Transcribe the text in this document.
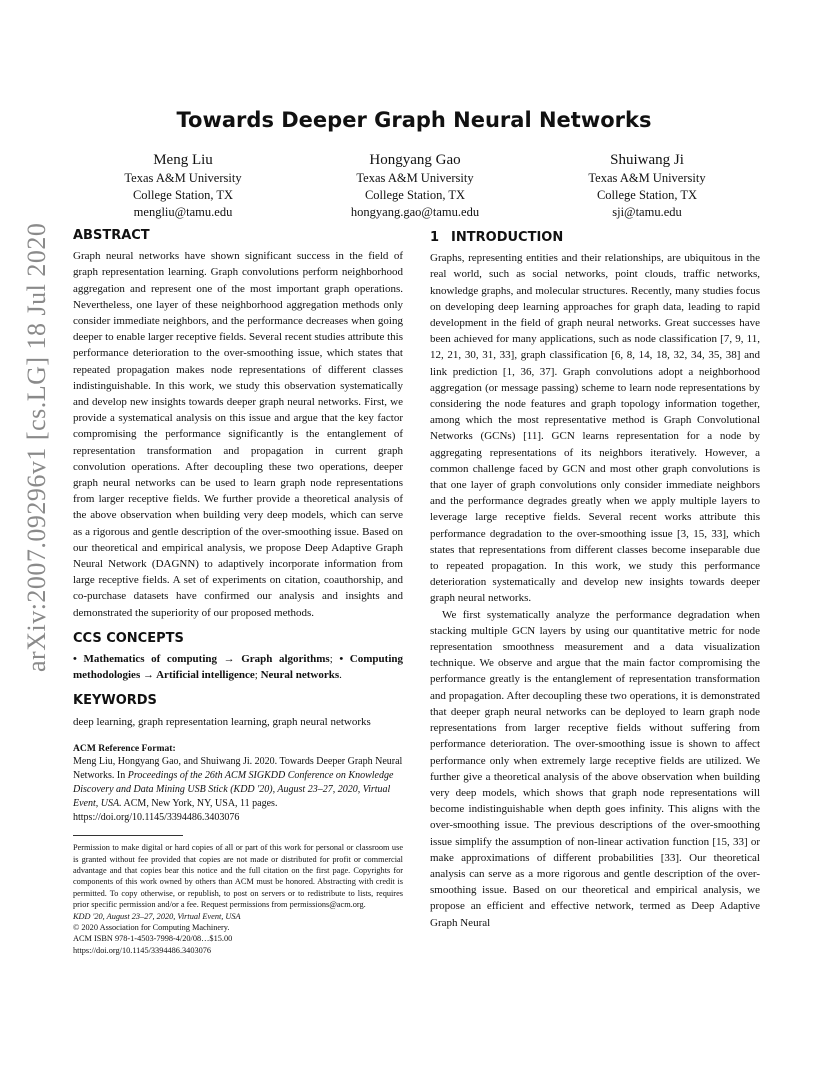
arXiv:2007.09296v1 [cs.LG] 18 Jul 2020
Towards Deeper Graph Neural Networks
Meng Liu
Texas A&M University
College Station, TX
mengliu@tamu.edu
Hongyang Gao
Texas A&M University
College Station, TX
hongyang.gao@tamu.edu
Shuiwang Ji
Texas A&M University
College Station, TX
sji@tamu.edu
ABSTRACT

Graph neural networks have shown significant success in the field of graph representation learning. Graph convolutions perform neighborhood aggregation and represent one of the most important graph operations. Nevertheless, one layer of these neighborhood aggregation methods only consider immediate neighbors, and the performance decreases when going deeper to enable larger receptive fields. Several recent studies attribute this performance deterioration to the over-smoothing issue, which states that repeated propagation makes node representations of different classes indistinguishable. In this work, we study this observation systematically and develop new insights towards deeper graph neural networks. First, we provide a systematical analysis on this issue and argue that the key factor compromising the performance significantly is the entanglement of representation transformation and propagation in current graph convolution operations. After decoupling these two operations, deeper graph neural networks can be used to learn graph node representations from larger receptive fields. We further provide a theoretical analysis of the above observation when building very deep models, which can serve as a rigorous and gentle description of the over-smoothing issue. Based on our theoretical and empirical analysis, we propose Deep Adaptive Graph Neural Network (DAGNN) to adaptively incorporate information from large receptive fields. A set of experiments on citation, coauthorship, and co-purchase datasets have confirmed our analysis and insights and demonstrated the superiority of our proposed methods.

CCS CONCEPTS

• Mathematics of computing → Graph algorithms; • Computing methodologies → Artificial intelligence; Neural networks.

KEYWORDS

deep learning, graph representation learning, graph neural networks

ACM Reference Format:
Meng Liu, Hongyang Gao, and Shuiwang Ji. 2020. Towards Deeper Graph Neural Networks. In Proceedings of the 26th ACM SIGKDD Conference on Knowledge Discovery and Data Mining USB Stick (KDD '20), August 23–27, 2020, Virtual Event, USA. ACM, New York, NY, USA, 11 pages. https://doi.org/10.1145/3394486.3403076
Permission to make digital or hard copies of all or part of this work for personal or classroom use is granted without fee provided that copies are not made or distributed for profit or commercial advantage and that copies bear this notice and the full citation on the first page. Copyrights for components of this work owned by others than ACM must be honored. Abstracting with credit is permitted. To copy otherwise, or republish, to post on servers or to redistribute to lists, requires prior specific permission and/or a fee. Request permissions from permissions@acm.org.
KDD '20, August 23–27, 2020, Virtual Event, USA
© 2020 Association for Computing Machinery.
ACM ISBN 978-1-4503-7998-4/20/08…$15.00
https://doi.org/10.1145/3394486.3403076
1 INTRODUCTION

Graphs, representing entities and their relationships, are ubiquitous in the real world, such as social networks, point clouds, traffic networks, knowledge graphs, and molecular structures. Recently, many studies focus on developing deep learning approaches for graph data, leading to rapid development in the field of graph neural networks. Great successes have been achieved for many applications, such as node classification [7, 9, 11, 12, 21, 30, 31, 33], graph classification [6, 8, 14, 18, 32, 34, 35, 38] and link prediction [1, 36, 37]. Graph convolutions adopt a neighborhood aggregation (or message passing) scheme to learn node representations by considering the node features and graph topology information together, among which the most representative method is Graph Convolutional Networks (GCNs) [11]. GCN learns representation for a node by aggregating representations of its neighbors iteratively. However, a common challenge faced by GCN and most other graph convolutions is that one layer of graph convolutions only consider immediate neighbors and the performance degrades greatly when we apply multiple layers to leverage large receptive fields. Several recent works attribute this performance degradation to the over-smoothing issue [3, 15, 33], which states that representations from different classes become inseparable due to repeated propagation. In this work, we study this performance deterioration systematically and develop new insights towards deeper graph neural networks.

We first systematically analyze the performance degradation when stacking multiple GCN layers by using our quantitative metric for node representation smoothness measurement and a data visualization technique. We observe and argue that the main factor compromising the performance greatly is the entanglement of representation transformation and propagation. After decoupling these two operations, it is demonstrated that deeper graph neural networks can be deployed to learn graph node representations from larger receptive fields without suffering from performance deterioration. The over-smoothing issue is shown to affect performance only when extremely large receptive fields are utilized. We further give a theoretical analysis of the above observation when building very deep models, which shows that graph node representations will become indistinguishable when depth goes infinity. This aligns with the over-smoothing issue. The previous descriptions of the over-smoothing issue simplify the assumption of non-linear activation function [15, 33] or make approximations of different probabilities [33]. Our theoretical analysis can serve as a more rigorous and gentle description of the over-smoothing issue. Based on our theoretical and empirical analysis, we propose an efficient and effective network, termed as Deep Adaptive Graph Neural
